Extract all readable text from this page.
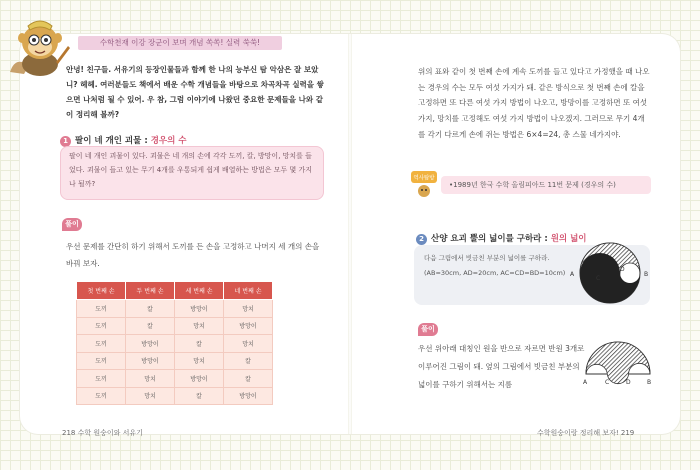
수학천재 이강 장군이 보며 개념 쏙쏙! 실력 쑥쑥!
안녕! 친구들. 서유기의 등장인물들과 함께 한 나의 능부신 탐 악삼은 잘 보았니? 헤헤. 여러분들도 책에서 배운 수학 개념들을 바탕으로 차곡차곡 실력을 쌓으면 나처럼 될 수 있어. 우 참, 그럼 이야기에 나왔던 중요한 문제들을 나와 같이 정리해 볼까?
1 팔이 네 개인 괴물 : 경우의 수
팔이 네 개인 괴물이 있다. 괴물은 네 개의 손에 각각 도끼, 칼, 방망이, 망치를 들었다. 괴물이 들고 있는 무기 4개를 우통되게 쉽게 배열하는 방법은 모두 몇 가지나 될까?
풀이
우선 문제를 간단히 하기 위해서 도끼를 든 손을 고정하고 나머지 세 개의 손을 바꿔 보자.
첫 번째 손	두 번째 손	세 번째 손	네 번째 손
도끼	칼	방망이	망치
도끼	칼	망치	방망이
도끼	방망이	칼	망치
도끼	방망이	망치	칼
도끼	망치	방망이	칼
도끼	망치	칼	방망이
218 수학 원숭이와 서유기
위의 표와 같이 첫 번째 손에 계속 도끼를 들고 있다고 가정했을 때 나오는 경우의 수는 모두 여섯 가지가 돼. 같은 방식으로 첫 번째 손에 칼을 고정하면 또 다른 여섯 가지 방법이 나오고, 방망이를 고정하면 또 여섯 가지, 망치를 고정해도 여섯 가지 방법이 나오겠지. 그러므로 무기 4개를 각기 다르게 손에 쥐는 방법은 6×4=24, 총 스물 네가지야.
역사탐방
•1989년 한국 수학 올림피아드 11번 문제 (경우의 수)
2 산양 요괴 뿔의 넓이를 구하라 : 원의 넓이
다음 그림에서 빗금친 부분의 넓이를 구하라.
(AB=30cm, AD=20cm, AC=CD=BD=10cm) A
C
D
B
풀이
우선 위아래 대칭인 원을 반으로 자르면 반원 3개로 이루어진 그림이 돼. 옆의 그림에서 빗금친 부분의 넓이를 구하기 위해서는 지름	A	C	D	B
수학원숭이랑 정리해 보자! 219
